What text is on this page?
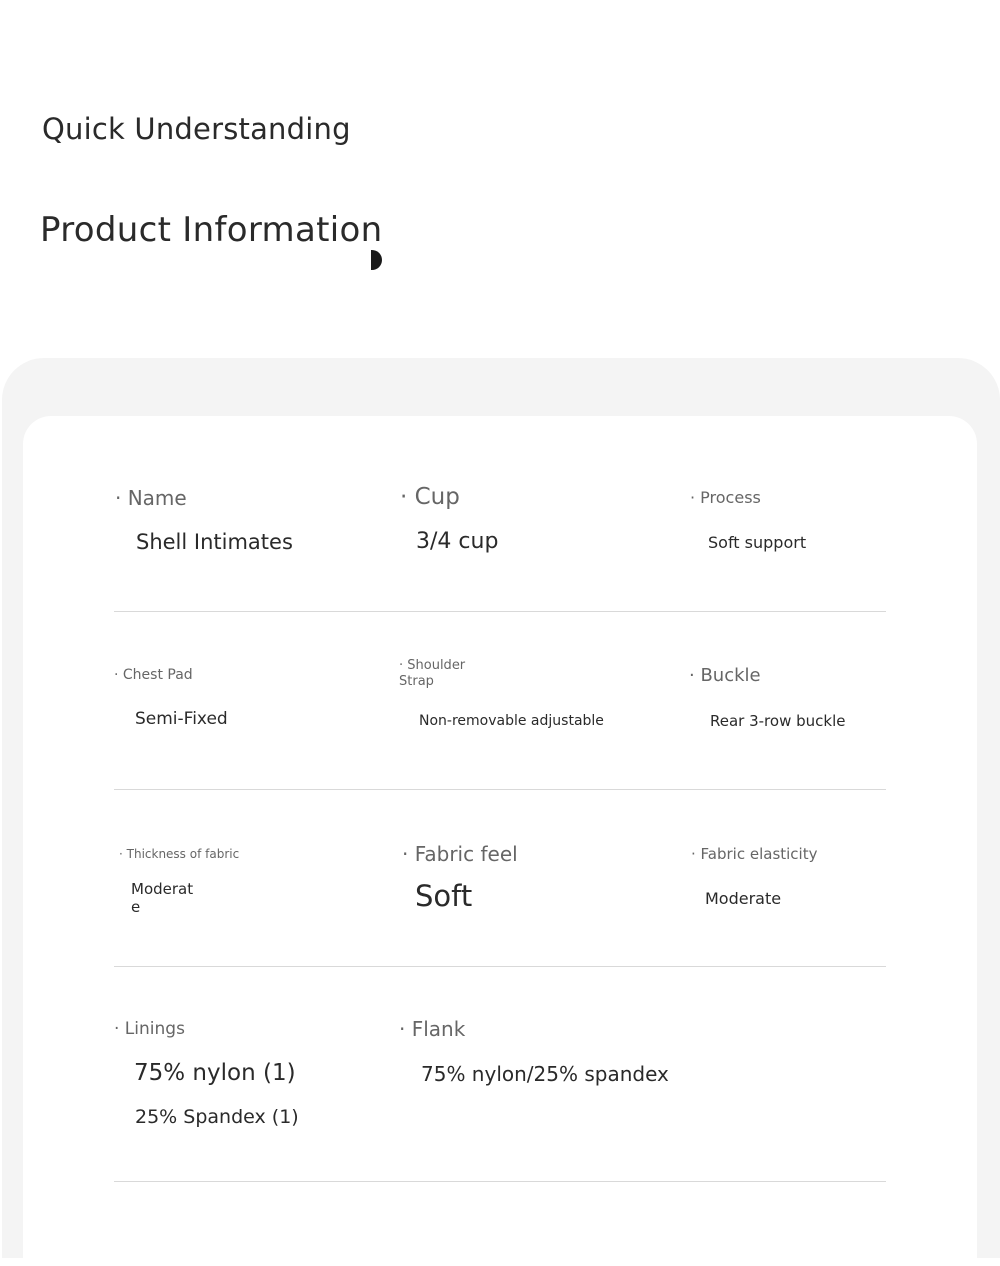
Quick Understanding
Product Information
· Name
Shell Intimates
· Cup
3/4 cup
· Process
Soft support
· Chest Pad
Semi-Fixed
· Shoulder
Strap
Non-removable adjustable
· Buckle
Rear 3-row buckle
· Thickness of fabric
Moderat
e
· Fabric feel
Soft
· Fabric elasticity
Moderate
· Linings
75% nylon (1)
25% Spandex (1)
· Flank
75% nylon/25% spandex
